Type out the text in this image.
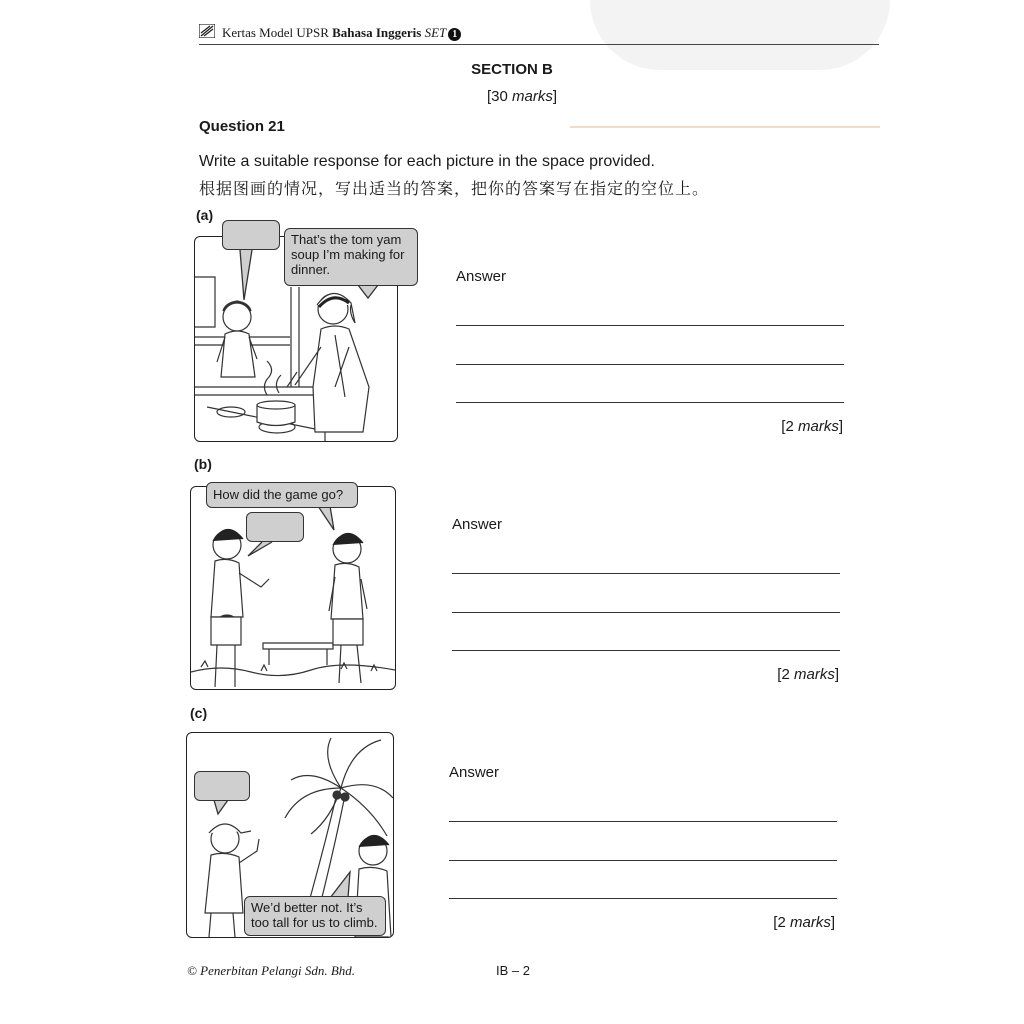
Kertas Model UPSR Bahasa Inggeris SET 1
SECTION B
[30 marks]
Question 21
Write a suitable response for each picture in the space provided.
根据图画的情况，写出适当的答案，把你的答案写在指定的空位上。
(a)
That’s the tom yam soup I’m making for dinner.	Answer
[2 marks]
(b)
How did the game go?
Answer
[2 marks]
(c)
We’d better not. It’s too tall for us to climb.
Answer
[2 marks]
© Penerbitan Pelangi Sdn. Bhd.	IB – 2
